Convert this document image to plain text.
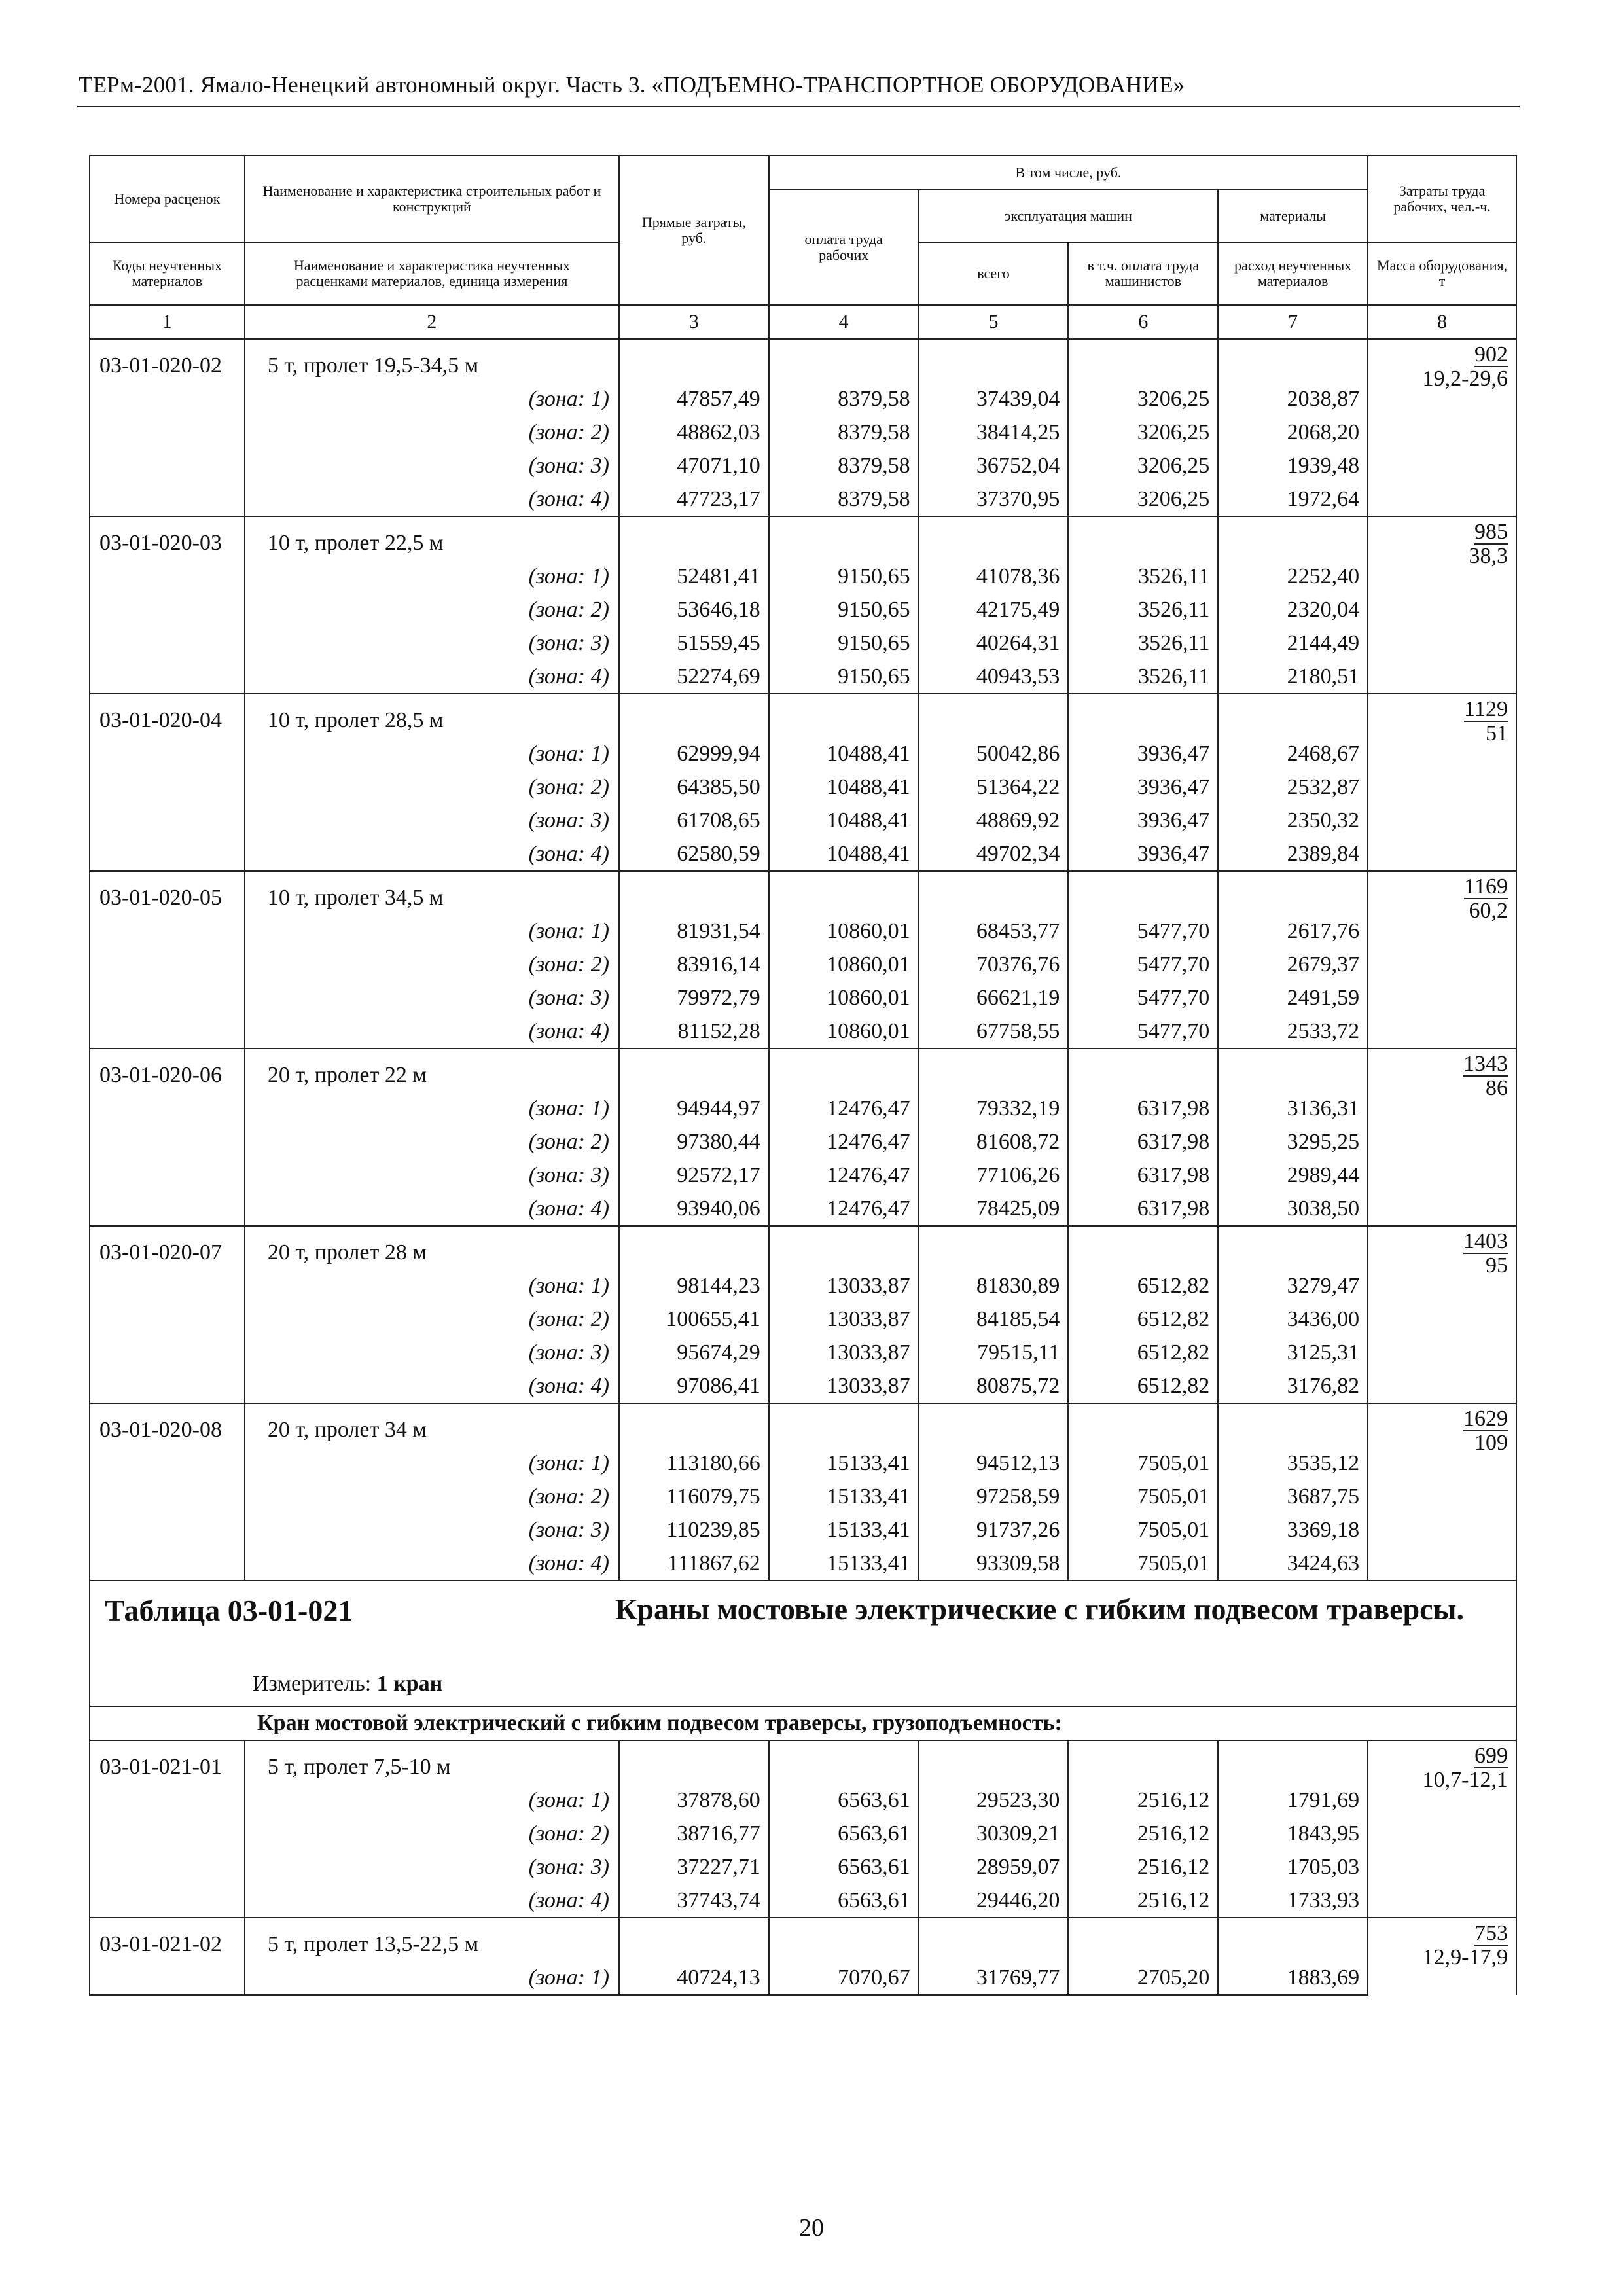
ТЕРм-2001. Ямало-Ненецкий автономный округ. Часть 3. «ПОДЪЕМНО-ТРАНСПОРТНОЕ ОБОРУДОВАНИЕ»
Номера расценок	Наименование и характеристика строительных работ и конструкций	Прямые затраты, руб.	В том числе, руб.				Затраты труда рабочих, чел.-ч.
			оплата труда рабочих	эксплуатация машин		материалы	
Коды неучтенных материалов	Наименование и характеристика неучтенных расценками материалов, единица измерения			всего	в т.ч. оплата труда машинистов	расход неучтенных материалов	Масса оборудования, т
1	2	3	4	5	6	7	8
03-01-020-02	5 т, пролет 19,5-34,5 м						902
19,2-29,6

	(зона: 1)	47857,49	8379,58	37439,04	3206,25	2038,87	
	(зона: 2)	48862,03	8379,58	38414,25	3206,25	2068,20	
	(зона: 3)	47071,10	8379,58	36752,04	3206,25	1939,48	
	(зона: 4)	47723,17	8379,58	37370,95	3206,25	1972,64	
03-01-020-03	10 т, пролет 22,5 м						985
38,3

	(зона: 1)	52481,41	9150,65	41078,36	3526,11	2252,40	
	(зона: 2)	53646,18	9150,65	42175,49	3526,11	2320,04	
	(зона: 3)	51559,45	9150,65	40264,31	3526,11	2144,49	
	(зона: 4)	52274,69	9150,65	40943,53	3526,11	2180,51	
03-01-020-04	10 т, пролет 28,5 м						1129
51

	(зона: 1)	62999,94	10488,41	50042,86	3936,47	2468,67	
	(зона: 2)	64385,50	10488,41	51364,22	3936,47	2532,87	
	(зона: 3)	61708,65	10488,41	48869,92	3936,47	2350,32	
	(зона: 4)	62580,59	10488,41	49702,34	3936,47	2389,84	
03-01-020-05	10 т, пролет 34,5 м						1169
60,2

	(зона: 1)	81931,54	10860,01	68453,77	5477,70	2617,76	
	(зона: 2)	83916,14	10860,01	70376,76	5477,70	2679,37	
	(зона: 3)	79972,79	10860,01	66621,19	5477,70	2491,59	
	(зона: 4)	81152,28	10860,01	67758,55	5477,70	2533,72	
03-01-020-06	20 т, пролет 22 м						1343
86

	(зона: 1)	94944,97	12476,47	79332,19	6317,98	3136,31	
	(зона: 2)	97380,44	12476,47	81608,72	6317,98	3295,25	
	(зона: 3)	92572,17	12476,47	77106,26	6317,98	2989,44	
	(зона: 4)	93940,06	12476,47	78425,09	6317,98	3038,50	
03-01-020-07	20 т, пролет 28 м						1403
95

	(зона: 1)	98144,23	13033,87	81830,89	6512,82	3279,47	
	(зона: 2)	100655,41	13033,87	84185,54	6512,82	3436,00	
	(зона: 3)	95674,29	13033,87	79515,11	6512,82	3125,31	
	(зона: 4)	97086,41	13033,87	80875,72	6512,82	3176,82	
03-01-020-08	20 т, пролет 34 м						1629
109

	(зона: 1)	113180,66	15133,41	94512,13	7505,01	3535,12	
	(зона: 2)	116079,75	15133,41	97258,59	7505,01	3687,75	
	(зона: 3)	110239,85	15133,41	91737,26	7505,01	3369,18	
	(зона: 4)	111867,62	15133,41	93309,58	7505,01	3424,63	

Таблица 03-01-021 Краны мостовые электрические с гибким подвесом траверсы.
Измеритель: 1 кран							

Кран мостовой электрический с гибким подвесом траверсы, грузоподъемность:							
03-01-021-01	5 т, пролет 7,5-10 м						699
10,7-12,1

	(зона: 1)	37878,60	6563,61	29523,30	2516,12	1791,69	
	(зона: 2)	38716,77	6563,61	30309,21	2516,12	1843,95	
	(зона: 3)	37227,71	6563,61	28959,07	2516,12	1705,03	
	(зона: 4)	37743,74	6563,61	29446,20	2516,12	1733,93	
03-01-021-02	5 т, пролет 13,5-22,5 м						753
12,9-17,9

	(зона: 1)	40724,13	7070,67	31769,77	2705,20	1883,69	
20
